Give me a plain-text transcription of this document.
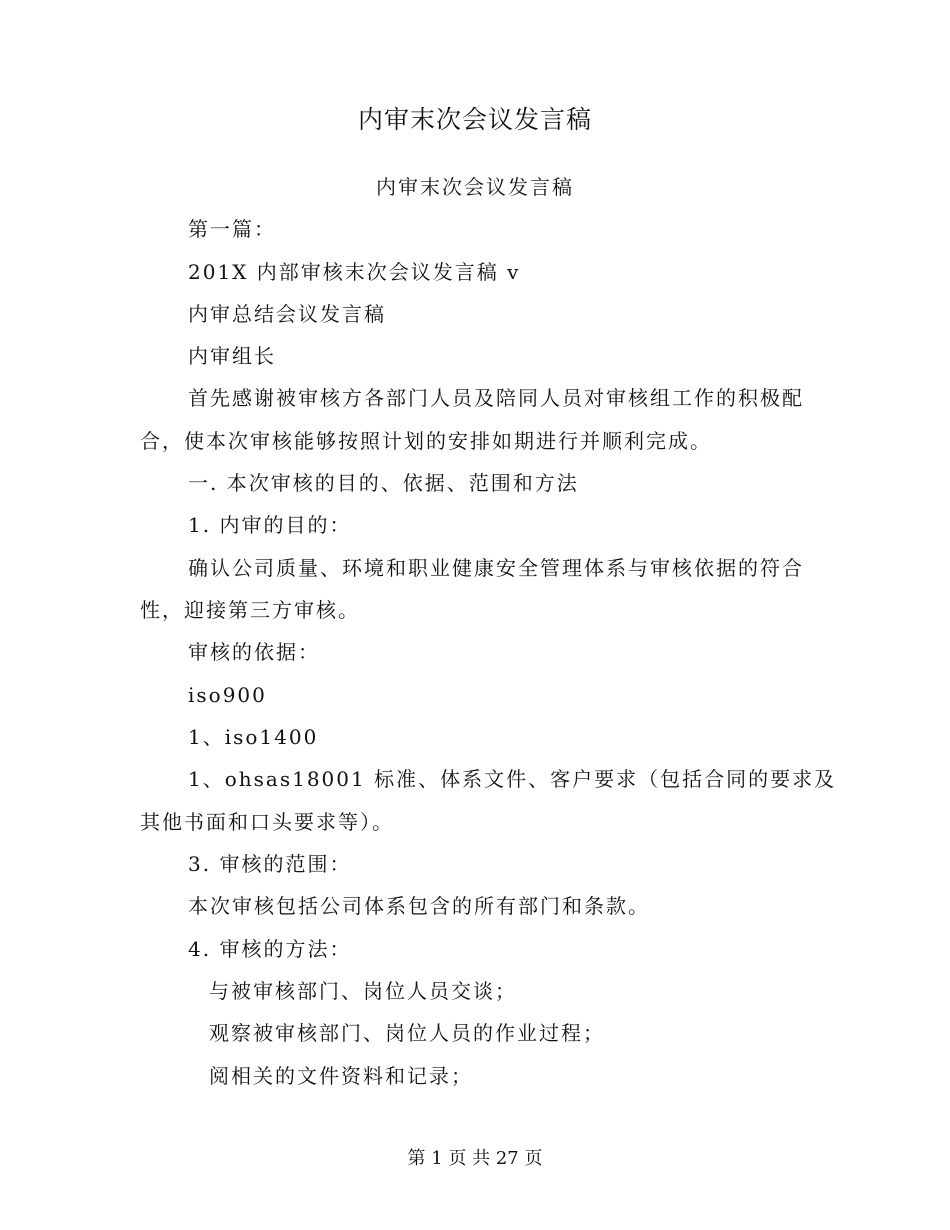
内审末次会议发言稿
内审末次会议发言稿
第一篇：
201X 内部审核末次会议发言稿 v
内审总结会议发言稿
内审组长
首先感谢被审核方各部门人员及陪同人员对审核组工作的积极配
合，使本次审核能够按照计划的安排如期进行并顺利完成。
一. 本次审核的目的、依据、范围和方法
1. 内审的目的：
确认公司质量、环境和职业健康安全管理体系与审核依据的符合
性，迎接第三方审核。
审核的依据：
iso900
1、iso1400
1、ohsas18001 标准、体系文件、客户要求（包括合同的要求及
其他书面和口头要求等）。
3. 审核的范围：
本次审核包括公司体系包含的所有部门和条款。
4. 审核的方法：
与被审核部门、岗位人员交谈；
观察被审核部门、岗位人员的作业过程；
阅相关的文件资料和记录；
第 1 页 共 27 页
